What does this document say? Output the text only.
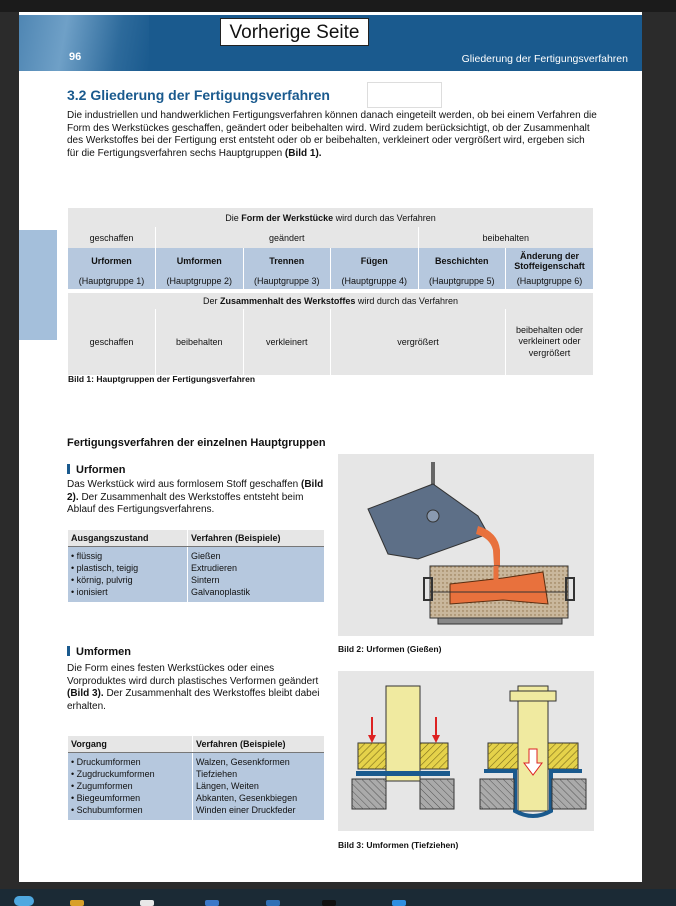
96	Gliederung der Fertigungsverfahren
Vorherige Seite
3.2 Gliederung der Fertigungsverfahren
Die industriellen und handwerklichen Fertigungsverfahren können danach eingeteilt werden, ob bei einem Verfahren die Form des Werkstückes geschaffen, geändert oder beibehalten wird. Wird zudem berücksichtigt, ob der Zusammenhalt des Werkstoffes bei der Fertigung erst entsteht oder ob er beibehalten, verkleinert oder vergrößert wird, ergeben sich für die Fertigungsverfahren sechs Hauptgruppen (Bild 1).
Die Form der Werkstücke wird durch das Verfahren					
geschaffen	geändert			beibehalten	
Urformen	Umformen	Trennen	Fügen	Beschichten	Änderung der Stoffeigenschaft
(Hauptgruppe 1)	(Hauptgruppe 2)	(Hauptgruppe 3)	(Hauptgruppe 4)	(Hauptgruppe 5)	(Hauptgruppe 6)

Der Zusammenhalt des Werkstoffes wird durch das Verfahren					
geschaffen	beibehalten	verkleinert	vergrößert		beibehalten oder verkleinert oder vergrößert
Bild 1: Hauptgruppen der Fertigungsverfahren
Fertigungsverfahren der einzelnen Hauptgruppen
Urformen
Das Werkstück wird aus formlosem Stoff geschaffen (Bild 2). Der Zusammenhalt des Werkstoffes entsteht beim Ablauf des Fertigungsverfahrens.
Ausgangszustand	Verfahren (Beispiele)
• flüssig	Gießen
• plastisch, teigig	Extrudieren
• körnig, pulvrig	Sintern
• ionisiert	Galvanoplastik
Bild 2: Urformen (Gießen)
Umformen
Die Form eines festen Werkstückes oder eines Vorproduktes wird durch plastisches Verformen geändert (Bild 3). Der Zusammenhalt des Werkstoffes bleibt dabei erhalten.
Vorgang	Verfahren (Beispiele)
• Druckumformen	Walzen, Gesenkformen
• Zugdruckumformen	Tiefziehen
• Zugumformen	Längen, Weiten
• Biegeumformen	Abkanten, Gesenkbiegen
• Schubumformen	Winden einer Druckfeder
Bild 3: Umformen (Tiefziehen)
